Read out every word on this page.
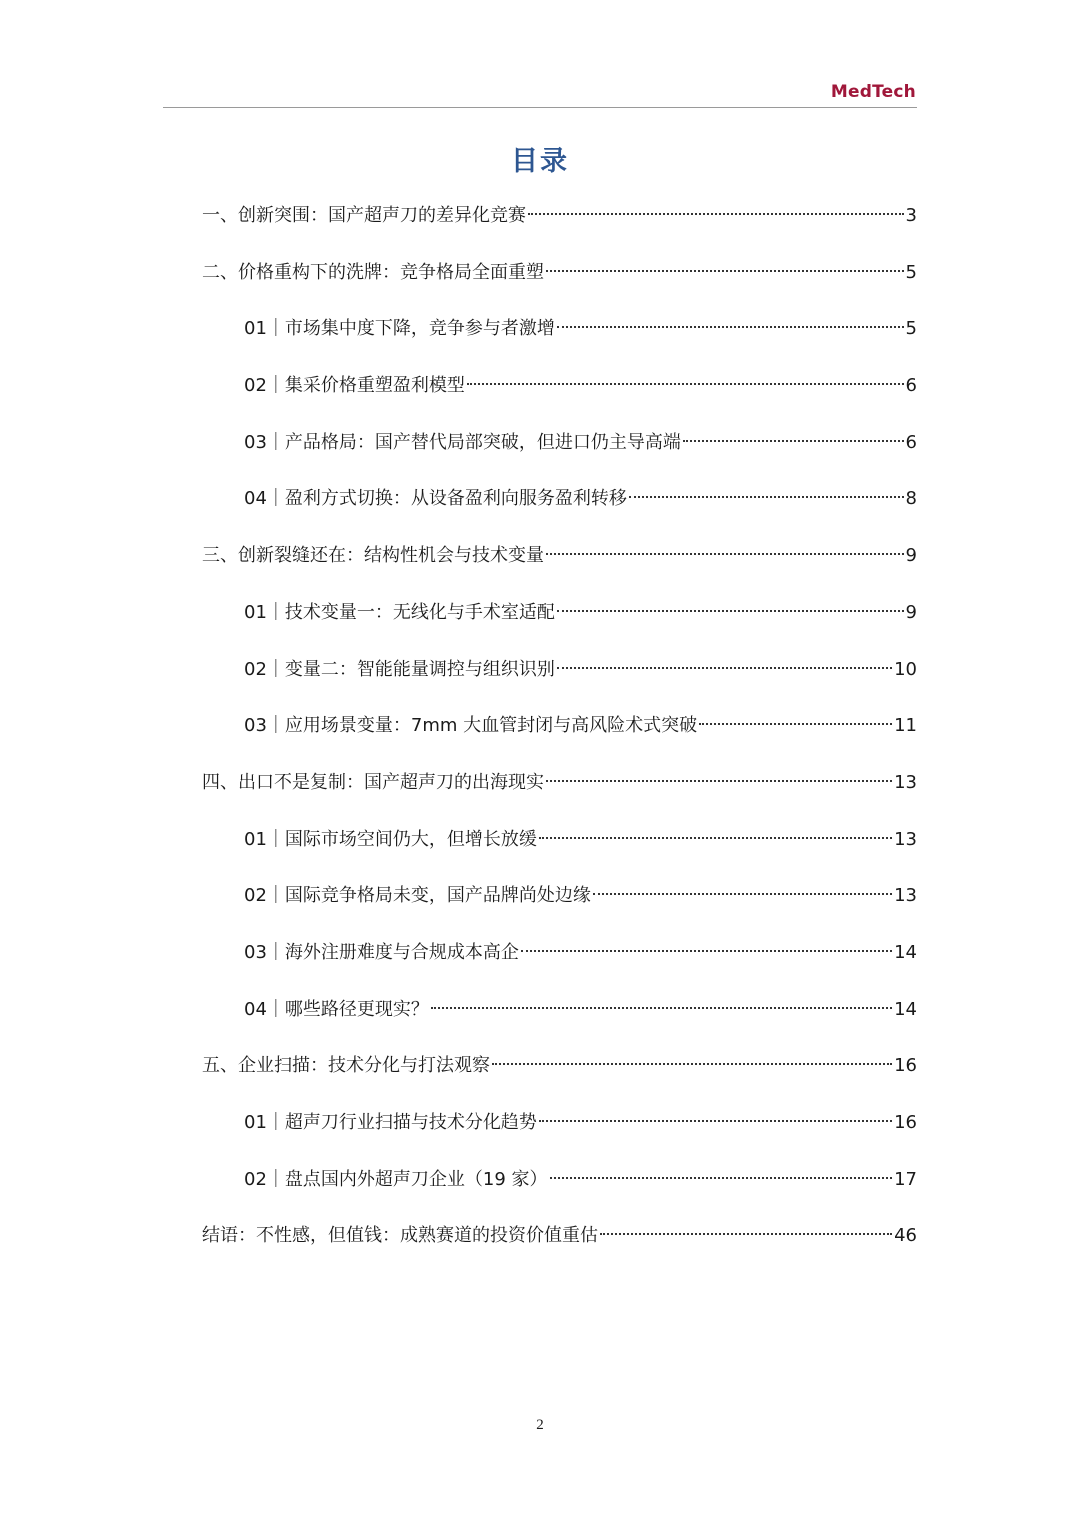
MedTech
目录
一、创新突围：国产超声刀的差异化竞赛	3
二、价格重构下的洗牌：竞争格局全面重塑	5
01｜市场集中度下降，竞争参与者激增	5
02｜集采价格重塑盈利模型	6
03｜产品格局：国产替代局部突破，但进口仍主导高端	6
04｜盈利方式切换：从设备盈利向服务盈利转移	8
三、创新裂缝还在：结构性机会与技术变量	9
01｜技术变量一：无线化与手术室适配	9
02｜变量二：智能能量调控与组织识别	10
03｜应用场景变量：7mm 大血管封闭与高风险术式突破	11
四、出口不是复制：国产超声刀的出海现实	13
01｜国际市场空间仍大，但增长放缓	13
02｜国际竞争格局未变，国产品牌尚处边缘	13
03｜海外注册难度与合规成本高企	14
04｜哪些路径更现实？	14
五、企业扫描：技术分化与打法观察	16
01｜超声刀行业扫描与技术分化趋势	16
02｜盘点国内外超声刀企业（19 家）	17
结语：不性感，但值钱：成熟赛道的投资价值重估	46
2
